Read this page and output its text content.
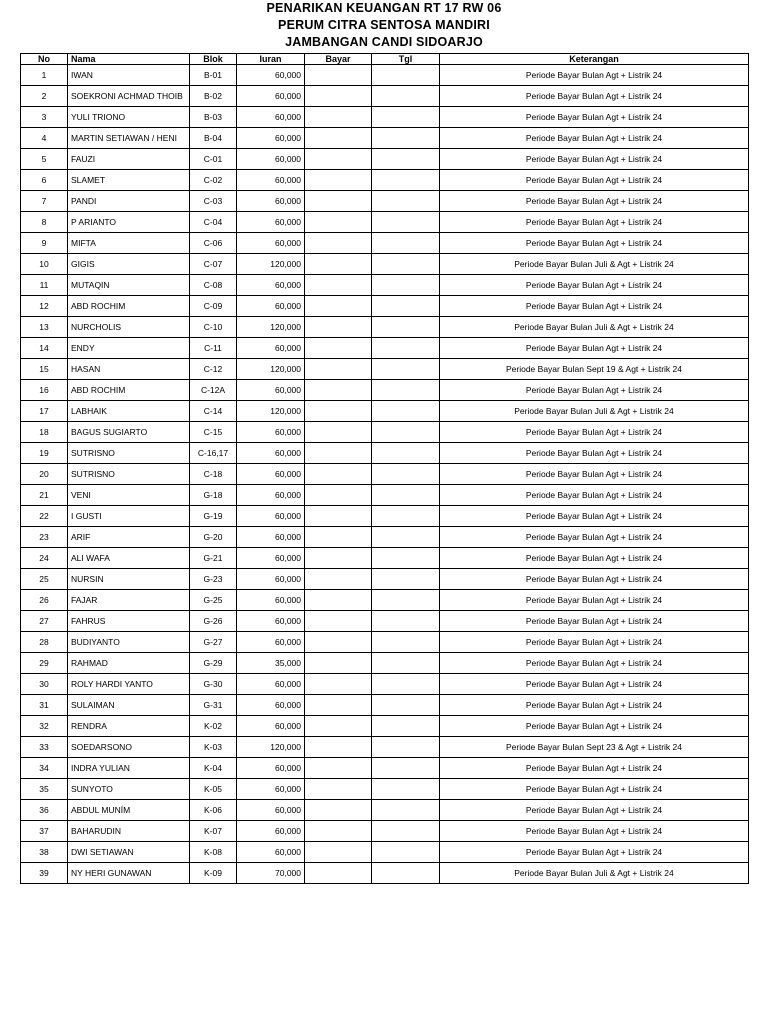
PENARIKAN KEUANGAN RT 17 RW 06
PERUM CITRA SENTOSA MANDIRI
JAMBANGAN CANDI SIDOARJO
No	Nama	Blok	Iuran	Bayar	Tgl	Keterangan
1	IWAN	B-01	60,000			Periode Bayar Bulan Agt + Listrik 24
2	SOEKRONI ACHMAD THOIB	B-02	60,000			Periode Bayar Bulan Agt + Listrik 24
3	YULI TRIONO	B-03	60,000			Periode Bayar Bulan Agt + Listrik 24
4	MARTIN SETIAWAN / HENI	B-04	60,000			Periode Bayar Bulan Agt + Listrik 24
5	FAUZI	C-01	60,000			Periode Bayar Bulan Agt + Listrik 24
6	SLAMET	C-02	60,000			Periode Bayar Bulan Agt + Listrik 24
7	PANDI	C-03	60,000			Periode Bayar Bulan Agt + Listrik 24
8	P ARIANTO	C-04	60,000			Periode Bayar Bulan Agt + Listrik 24
9	MIFTA	C-06	60,000			Periode Bayar Bulan Agt + Listrik 24
10	GIGIS	C-07	120,000			Periode Bayar Bulan Juli & Agt + Listrik 24
11	MUTAQIN	C-08	60,000			Periode Bayar Bulan Agt + Listrik 24
12	ABD ROCHIM	C-09	60,000			Periode Bayar Bulan Agt + Listrik 24
13	NURCHOLIS	C-10	120,000			Periode Bayar Bulan Juli & Agt + Listrik 24
14	ENDY	C-11	60,000			Periode Bayar Bulan Agt + Listrik 24
15	HASAN	C-12	120,000			Periode Bayar Bulan Sept 19 & Agt + Listrik 24
16	ABD ROCHIM	C-12A	60,000			Periode Bayar Bulan Agt + Listrik 24
17	LABHAIK	C-14	120,000			Periode Bayar Bulan Juli & Agt + Listrik 24
18	BAGUS SUGIARTO	C-15	60,000			Periode Bayar Bulan Agt + Listrik 24
19	SUTRISNO	C-16,17	60,000			Periode Bayar Bulan Agt + Listrik 24
20	SUTRISNO	C-18	60,000			Periode Bayar Bulan Agt + Listrik 24
21	VENI	G-18	60,000			Periode Bayar Bulan Agt + Listrik 24
22	I GUSTI	G-19	60,000			Periode Bayar Bulan Agt + Listrik 24
23	ARIF	G-20	60,000			Periode Bayar Bulan Agt + Listrik 24
24	ALI WAFA	G-21	60,000			Periode Bayar Bulan Agt + Listrik 24
25	NURSIN	G-23	60,000			Periode Bayar Bulan Agt + Listrik 24
26	FAJAR	G-25	60,000			Periode Bayar Bulan Agt + Listrik 24
27	FAHRUS	G-26	60,000			Periode Bayar Bulan Agt + Listrik 24
28	BUDIYANTO	G-27	60,000			Periode Bayar Bulan Agt + Listrik 24
29	RAHMAD	G-29	35,000			Periode Bayar Bulan Agt + Listrik 24
30	ROLY HARDI YANTO	G-30	60,000			Periode Bayar Bulan Agt + Listrik 24
31	SULAIMAN	G-31	60,000			Periode Bayar Bulan Agt + Listrik 24
32	RENDRA	K-02	60,000			Periode Bayar Bulan Agt + Listrik 24
33	SOEDARSONO	K-03	120,000			Periode Bayar Bulan Sept 23 & Agt + Listrik 24
34	INDRA YULIAN	K-04	60,000			Periode Bayar Bulan Agt + Listrik 24
35	SUNYOTO	K-05	60,000			Periode Bayar Bulan Agt + Listrik 24
36	ABDUL MUNÍM	K-06	60,000			Periode Bayar Bulan Agt + Listrik 24
37	BAHARUDIN	K-07	60,000			Periode Bayar Bulan Agt + Listrik 24
38	DWI SETIAWAN	K-08	60,000			Periode Bayar Bulan Agt + Listrik 24
39	NY HERI GUNAWAN	K-09	70,000			Periode Bayar Bulan Juli & Agt + Listrik 24
